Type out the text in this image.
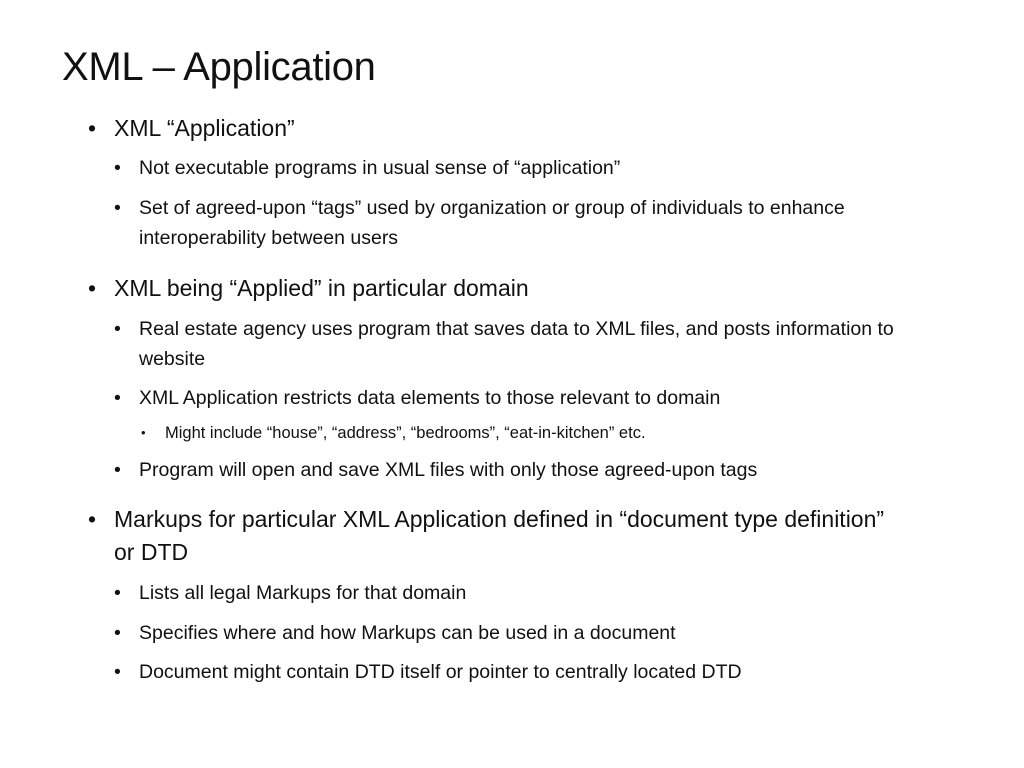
XML – Application
• XML “Application”
• Not executable programs in usual sense of “application”
• Set of agreed-upon “tags” used by organization or group of individuals to enhance interoperability between users
• XML being “Applied” in particular domain
• Real estate agency uses program that saves data to XML files, and posts information to website
• XML Application restricts data elements to those relevant to domain
• Might include “house”, “address”, “bedrooms”, “eat-in-kitchen” etc.
• Program will open and save XML files with only those agreed-upon tags
• Markups for particular XML Application defined in “document type definition” or DTD
• Lists all legal Markups for that domain
• Specifies where and how Markups can be used in a document
• Document might contain DTD itself or pointer to centrally located DTD
